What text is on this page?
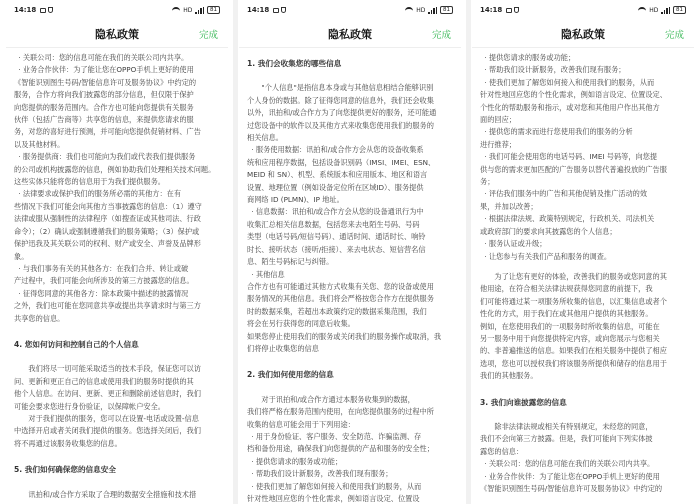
14:18	HD	81
隐私政策	完成

· 关联公司：您的信息可能在我们的关联公司内共享。

· 业务合作伙伴：为了能让您在OPPO手机上更好的使用

《智能识别图生号码/智能信息许可及服务协议》中约定的

服务，合作方将向我们披露您的部分信息，但仅限于保护

向您提供的服务范围内。合作方也可能向您提供有关服务

伙伴（包括广告商等）共享您的信息，来提供您请求的服

务，对您的喜好进行预测，并可能向您提供促销材料、广告

以及其他材料。

· 服务提供商：我们也可能向为我们或代表我们提供服务

的公司或机构披露您的信息，例如协助我们处理相关技术问题。

这些实体只能将您的信息用于为我们提供服务。

· 法律要求或保护我们的服务所必需的其他方：在有

些情况下我们可能会向其他方当事披露您的信息：（1）遵守

法律或服从强制性的法律程序（如搜查证或其他司法、行政

命令）；（2）确认或强制遵循我们的服务策略；（3）保护或

保护迅我及其关联公司的权利、财产或安全、声誉及品牌形

象。

· 与我们事务有关的其他各方：在我们合并、转让或破

产过程中，我们可能会向所涉及的第三方披露您的信息。

· 征得您同意的其他各方：除本政策中描述的披露情况

之外，我们也可能在您同意共享或提出共享请求时与第三方

共享您的信息。

4. 您如何访问和控制自己的个人信息

我们将尽一切可能采取适当的技术手段，保证您可以访

问、更新和更正自己的信息或使用我们的服务时提供的其

他个人信息。在访问、更新、更正和删除前述信息时，我们

可能会要求您进行身份验证，以保障帐户安全。

对于我们提供的服务，您可以在设置-电话或设置-信息

中选择开启或者关闭我们提供的服务。您选择关闭后，我们

将不再通过该服务收集您的信息。

5. 我们如何确保您的信息安全

讯拍和/或合作方采取了合理的数据安全措施和技术措

14:18	HD	81
隐私政策	完成

1. 我们会收集您的哪些信息

"个人信息"是指信息本身或与其他信息相结合能够识别

个人身份的数据。除了征得您同意的信息外，我们还会收集

以外，讯拍和/或合作方为了向您提供更好的服务，还可能通

过您设备中的软件以及其他方式来收集您使用我们的服务的

相关信息。

· 服务使用数据：讯拍和/或合作方会从您的设备收集系

统和应用程序数据，包括设备识别码（IMSI、IMEI、ESN、

MEID 和 SN）、机型、系统版本和应用版本、地区和语言

设置、地理位置（例如设备定位所在区域ID）、服务提供

商网络 ID (PLMN)、IP 地址。

· 信息数据：讯拍和/或合作方会从您的设备通讯行为中

收集汇总相关信息数据，包括您来去电陌生号码、号码

类型（电话号码/短信号码）、通话时间、通话时长、响铃

时长、接听状态（接听/拒接）、来去电状态、短信营名信

息、陌生号码标记与纠错。

· 其他信息

合作方也有可能通过其他方式收集有关您、您的设备或使用

服务情况的其他信息。我们将会严格按您合作方在提供服务

时的数据采集，若超出本政策约定的数据采集范围，我们

将会在另行获得您的同意后收集。

如果您停止使用我们的服务或关闭我们的服务操作或取消，我

们将停止收集您的信息

2. 我们如何使用您的信息

对于讯拍和/或合作方通过本服务收集到的数据，

我们将严格在服务范围内使用，在向您提供服务的过程中所

收集的信息可能会用于下列用途：

· 用于身份验证、客户服务、安全防范、诈骗监测、存

档和备份用途，确保我们向您提供的产品和服务的安全性；

· 提供您请求的服务或功能；

· 帮助我们设计新服务，改善我们现有服务；

· 使我们更加了解您如何接入和使用我们的服务，从而

针对性地回应您的个性化需求，例如语言设定、位置设

14:18	HD	81
隐私政策	完成

· 提供您请求的服务或功能；

· 帮助我们设计新服务，改善我们现有服务；

· 使我们更加了解您如何接入和使用我们的服务，从而

针对性地回应您的个性化需求，例如语言设定、位置设定、

个性化的帮助服务和指示，或对您和其他用户作出其他方

面的回应；

· 提供您的需求而进行您使用我们的服务的分析

进行推荐；

· 我们可能会使用您的电话号码、IMEI 号码等，向您提

供与您的需求更加匹配的广告服务以替代普遍投放的广告服

务；

· 评估我们服务中的广告和其他促销及推广活动的效

果，并加以改善；

· 根据法律法规、政策特别规定，行政机关、司法机关

或政府部门的要求向其披露您的个人信息；

· 服务认证或升级；

· 让您参与有关我们产品和服务的调查。

为了让您有更好的体验，改善我们的服务或您同意的其

他用途，在符合相关法律法规获得您同意的前提下，我

们可能将通过某一项服务所收集的信息，以汇集信息或者个

性化的方式，用于我们在或其他用户提供的其他服务。

例如，在您使用我们的一项服务时所收集的信息，可能在

另一服务中用于向您提供特定内容，或向您展示与您相关

的、非普遍推送的信息。如果我们在相关服务中提供了相应

选项，您也可以授权我们将该服务所提供和储存的信息用于

我们的其他服务。

3. 我们向谁披露您的信息

除非法律法规或相关有特别规定，未经您的同意，

我们不会向第三方披露。但是，我们可能向下列实体披

露您的信息：

· 关联公司：您的信息可能在我们的关联公司内共享。

· 业务合作伙伴：为了能让您在OPPO手机上更好的使用

《智能识别图生号码/智能信息许可及服务协议》中约定的
